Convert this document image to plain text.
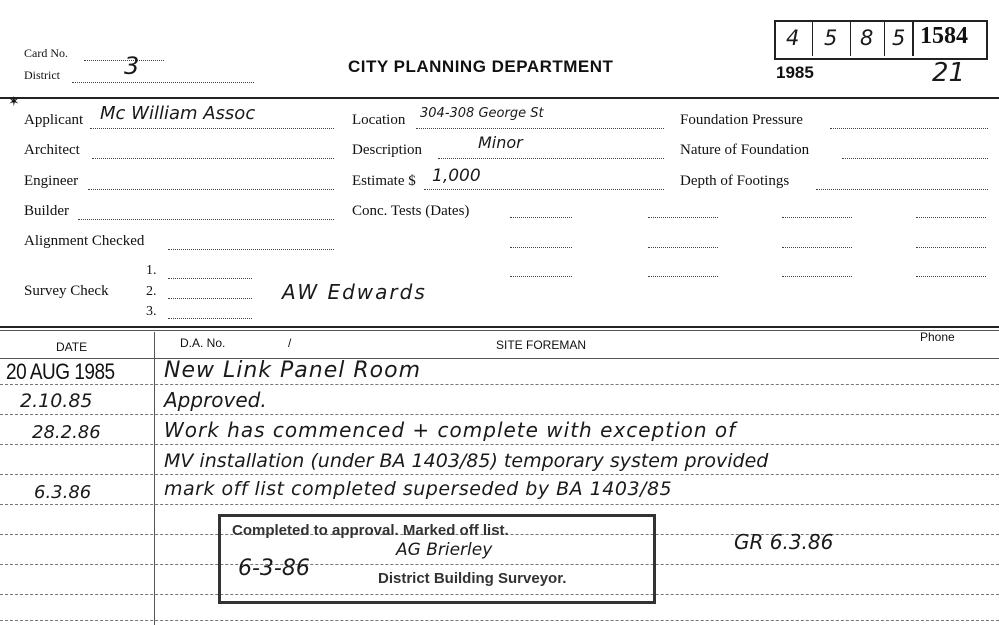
Card No. 3
District	CITY PLANNING DEPARTMENT	1985	21
4 5 8 5 1584
✶
Applicant Mc William Assoc
Architect
Engineer
Builder
Alignment Checked
1.
Survey Check	2.
3.
AW Edwards
Location 304-308 George St
Description	Minor
Estimate $ 1,000
Conc. Tests (Dates)
Foundation Pressure
Nature of Foundation
Depth of Footings
DATE	D.A. No.	/	SITE FOREMAN
Phone
20 AUG 1985 New Link Panel Room
2.10.85	Approved.
28.2.86	Work has commenced + complete with exception of
MV installation (under BA 1403/85) temporary system provided
6.3.86	mark off list completed superseded by BA 1403/85
GR 6.3.86
Completed to approval. Marked off list.
6-3-86
AG Brierley
District Building Surveyor.
